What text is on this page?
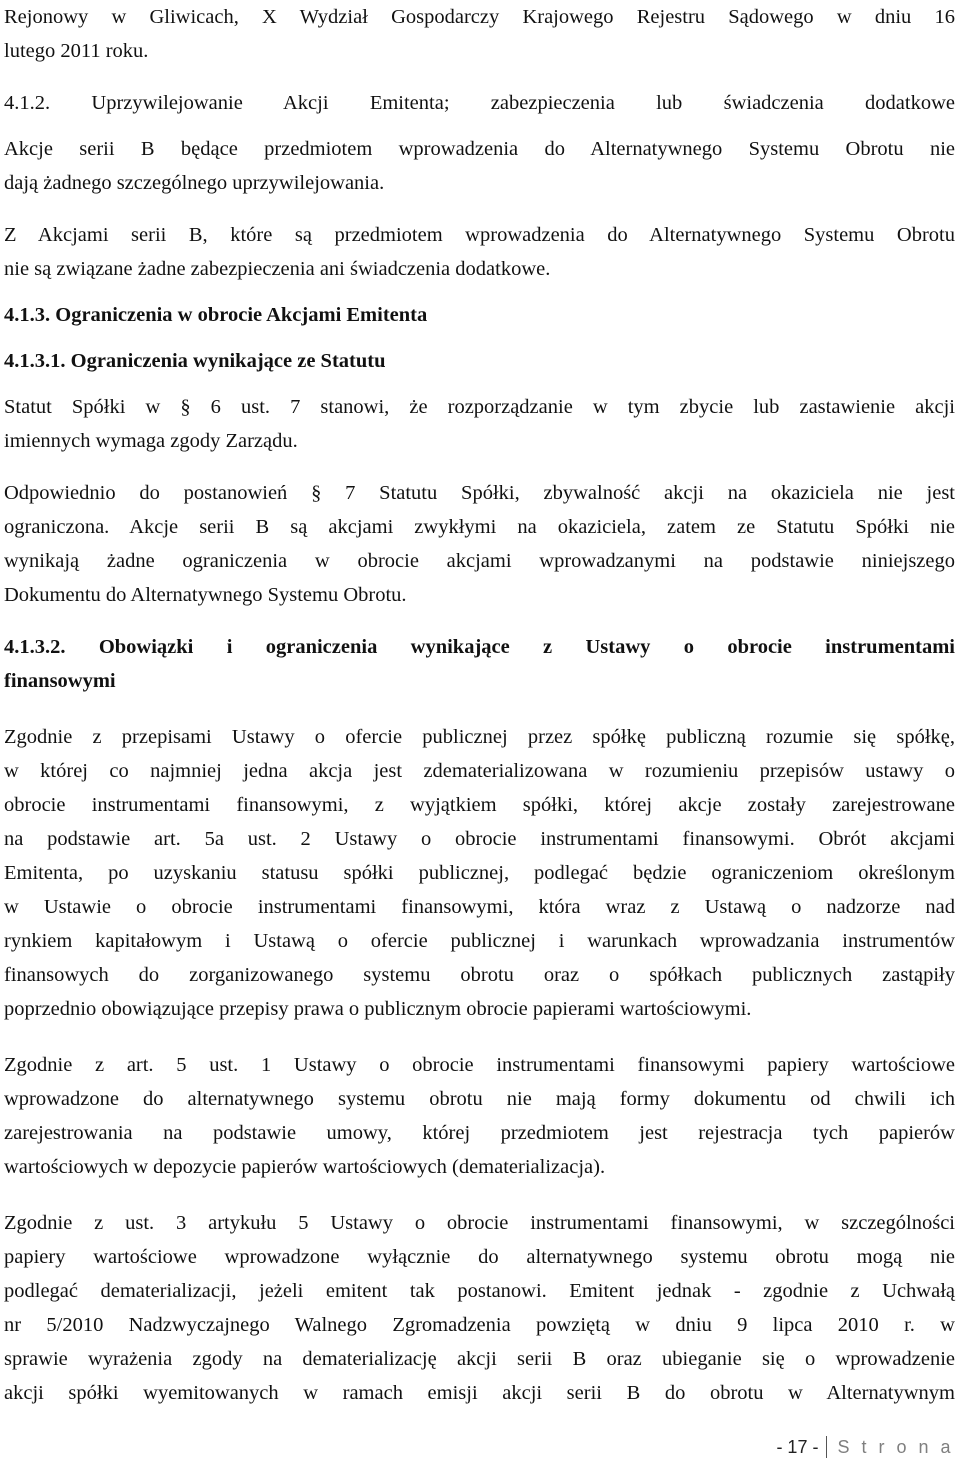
Rejonowy w Gliwicach, X Wydział Gospodarczy Krajowego Rejestru Sądowego w dniu 16
lutego 2011 roku.
4.1.2. Uprzywilejowanie Akcji Emitenta; zabezpieczenia lub świadczenia dodatkowe
Akcje serii B będące przedmiotem wprowadzenia do Alternatywnego Systemu Obrotu nie
dają żadnego szczególnego uprzywilejowania.
Z Akcjami serii B, które są przedmiotem wprowadzenia do Alternatywnego Systemu Obrotu
nie są związane żadne zabezpieczenia ani świadczenia dodatkowe.
4.1.3. Ograniczenia w obrocie Akcjami Emitenta
4.1.3.1. Ograniczenia wynikające ze Statutu
Statut Spółki w § 6 ust. 7 stanowi, że rozporządzanie w tym zbycie lub zastawienie akcji
imiennych wymaga zgody Zarządu.
Odpowiednio do postanowień § 7 Statutu Spółki, zbywalność akcji na okaziciela nie jest
ograniczona. Akcje serii B są akcjami zwykłymi na okaziciela, zatem ze Statutu Spółki nie
wynikają żadne ograniczenia w obrocie akcjami wprowadzanymi na podstawie niniejszego
Dokumentu do Alternatywnego Systemu Obrotu.
4.1.3.2. Obowiązki i ograniczenia wynikające z Ustawy o obrocie instrumentami
finansowymi
Zgodnie z przepisami Ustawy o ofercie publicznej przez spółkę publiczną rozumie się spółkę,
w której co najmniej jedna akcja jest zdematerializowana w rozumieniu przepisów ustawy o
obrocie instrumentami finansowymi, z wyjątkiem spółki, której akcje zostały zarejestrowane
na podstawie art. 5a ust. 2 Ustawy o obrocie instrumentami finansowymi. Obrót akcjami
Emitenta, po uzyskaniu statusu spółki publicznej, podlegać będzie ograniczeniom określonym
w Ustawie o obrocie instrumentami finansowymi, która wraz z Ustawą o nadzorze nad
rynkiem kapitałowym i Ustawą o ofercie publicznej i warunkach wprowadzania instrumentów
finansowych do zorganizowanego systemu obrotu oraz o spółkach publicznych zastąpiły
poprzednio obowiązujące przepisy prawa o publicznym obrocie papierami wartościowymi.
Zgodnie z art. 5 ust. 1 Ustawy o obrocie instrumentami finansowymi papiery wartościowe
wprowadzone do alternatywnego systemu obrotu nie mają formy dokumentu od chwili ich
zarejestrowania na podstawie umowy, której przedmiotem jest rejestracja tych papierów
wartościowych w depozycie papierów wartościowych (dematerializacja).
Zgodnie z ust. 3 artykułu 5 Ustawy o obrocie instrumentami finansowymi, w szczególności
papiery wartościowe wprowadzone wyłącznie do alternatywnego systemu obrotu mogą nie
podlegać dematerializacji, jeżeli emitent tak postanowi. Emitent jednak - zgodnie z Uchwałą
nr 5/2010 Nadzwyczajnego Walnego Zgromadzenia powziętą w dniu 9 lipca 2010 r. w
sprawie wyrażenia zgody na dematerializację akcji serii B oraz ubieganie się o wprowadzenie
akcji spółki wyemitowanych w ramach emisji akcji serii B do obrotu w Alternatywnym
- 17 - S t r o n a
